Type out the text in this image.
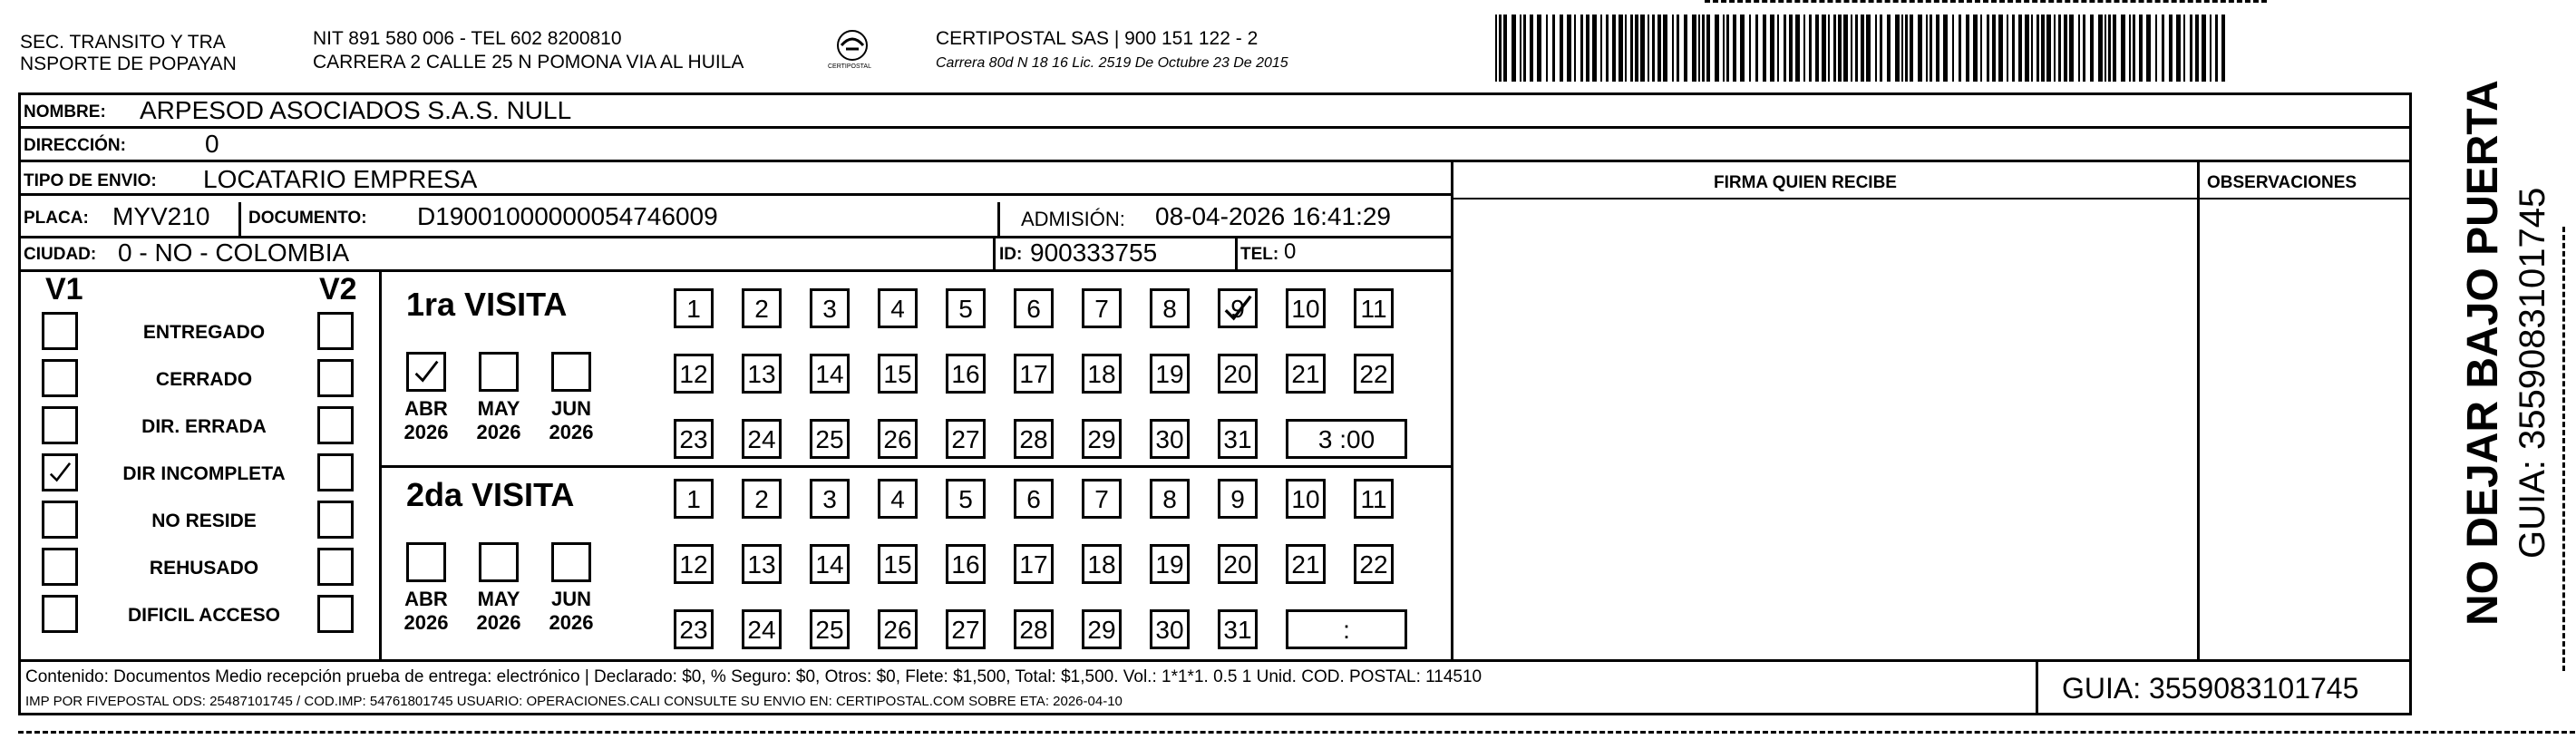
SEC. TRANSITO Y TRA
NSPORTE DE POPAYAN
NIT 891 580 006 - TEL 602 8200810
CARRERA 2 CALLE 25 N POMONA VIA AL HUILA	CERTIPOSTAL
CERTIPOSTAL SAS | 900 151 122 - 2
Carrera 80d N 18 16 Lic. 2519 De Octubre 23 De 2015
NOMBRE: ARPESOD ASOCIADOS S.A.S. NULL
DIRECCIÓN:	0
TIPO DE ENVIO: LOCATARIO EMPRESA	FIRMA QUIEN RECIBE	OBSERVACIONES
PLACA: MYV210 DOCUMENTO: D19001000000054746009	ADMISIÓN: 08-04-2026 16:41:29
CIUDAD: 0 - NO - COLOMBIA	ID: 900333755	TEL: 0
V1	V2
ENTREGADO
CERRADO
DIR. ERRADA
DIR INCOMPLETA
NO RESIDE
REHUSADO
DIFICIL ACCESO
1ra VISITA
ABR
2026
MAY
2026
JUN
2026
1	2	3	4	5	6	7	8	9	10 11
12 13 14 15 16 17 18 19 20 21 22
23 24 25 26 27 28 29 30 31	3 :00
2da VISITA
ABR
2026
MAY
2026
JUN
2026
1	2	3	4	5	6	7	8	9	10 11
12 13 14 15 16 17 18 19 20 21 22
23 24 25 26 27 28 29 30 31	:
Contenido: Documentos Medio recepción prueba de entrega: electrónico | Declarado: $0, % Seguro: $0, Otros: $0, Flete: $1,500, Total: $1,500. Vol.: 1*1*1. 0.5 1 Unid. COD. POSTAL: 114510
IMP POR FIVEPOSTAL ODS: 25487101745 / COD.IMP: 54761801745 USUARIO: OPERACIONES.CALI CONSULTE SU ENVIO EN: CERTIPOSTAL.COM SOBRE ETA: 2026-04-10	GUIA: 3559083101745
NO DEJAR BAJO PUERTA GUIA: 3559083101745
